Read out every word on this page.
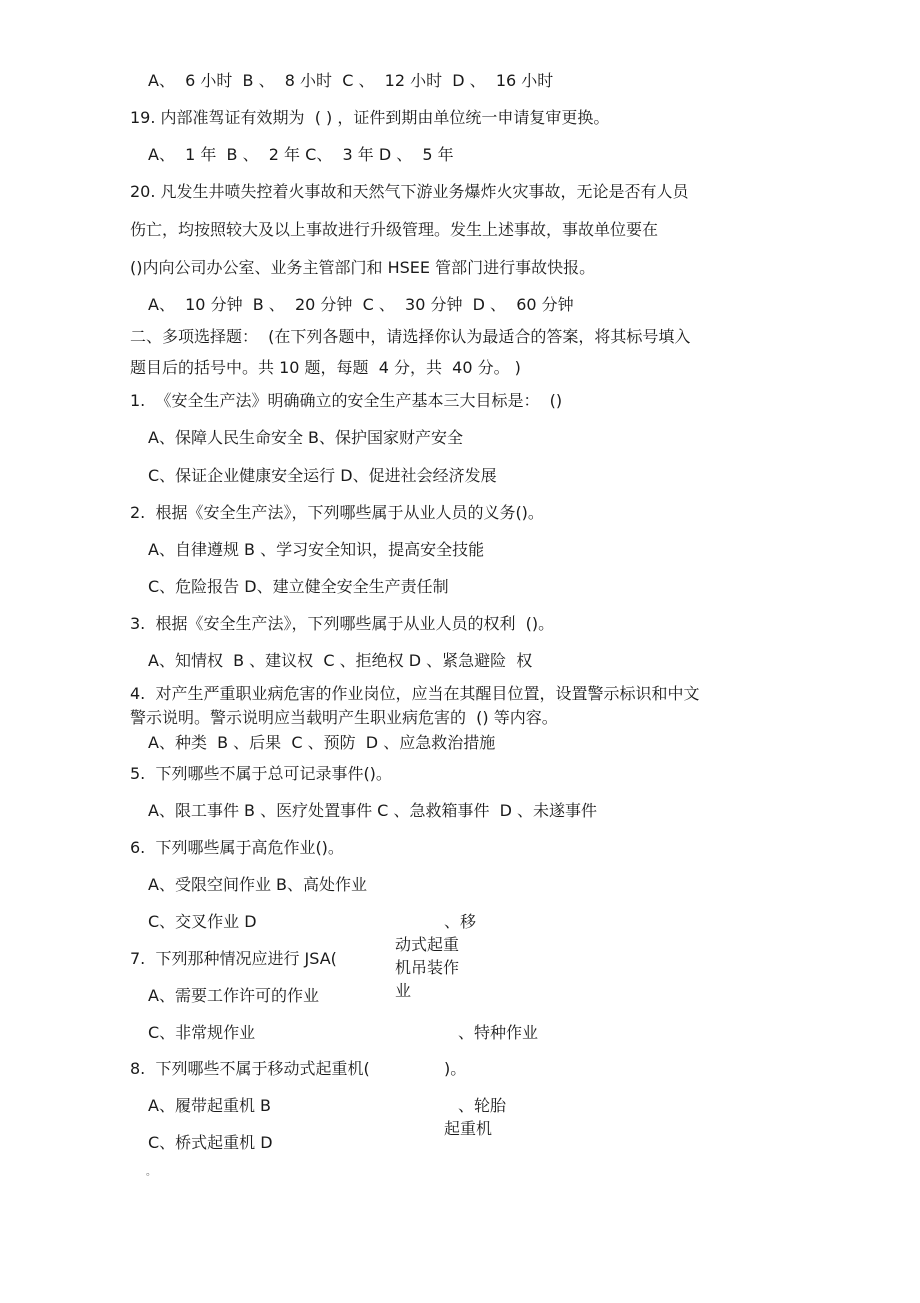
A、  6 小时  B 、  8 小时  C 、  12 小时  D 、  16 小时
19. 内部准驾证有效期为  ( ) ，证件到期由单位统一申请复审更换。
A、  1 年  B 、  2 年 C、  3 年 D 、  5 年
20. 凡发生井喷失控着火事故和天然气下游业务爆炸火灾事故，无论是否有人员
伤亡，均按照较大及以上事故进行升级管理。发生上述事故，事故单位要在
()内向公司办公室、业务主管部门和 HSEE 管部门进行事故快报。
A、  10 分钟  B 、  20 分钟  C 、  30 分钟  D 、  60 分钟
二、多项选择题：  (在下列各题中，请选择你认为最适合的答案，将其标号填入
题目后的括号中。共 10 题，每题  4 分，共  40 分。 )
1.  《安全生产法》明确确立的安全生产基本三大目标是：  ()
A、保障人民生命安全 B、保护国家财产安全
C、保证企业健康安全运行 D、促进社会经济发展
2.  根据《安全生产法》，下列哪些属于从业人员的义务()。
A、自律遵规 B 、学习安全知识，提高安全技能
C、危险报告 D、建立健全安全生产责任制
3.  根据《安全生产法》，下列哪些属于从业人员的权利  ()。
A、知情权  B 、建议权  C 、拒绝权 D 、紧急避险  权
4.  对产生严重职业病危害的作业岗位，应当在其醒目位置，设置警示标识和中文
警示说明。警示说明应当载明产生职业病危害的  () 等内容。
A、种类  B 、后果  C 、预防  D 、应急救治措施
5.  下列哪些不属于总可记录事件()。
A、限工事件 B 、医疗处置事件 C 、急救箱事件  D 、未遂事件
6.  下列哪些属于高危作业()。
A、受限空间作业 B、高处作业
C、交叉作业 D	、移
动式起重
机吊装作
业
7.  下列那种情况应进行 JSA(
A、需要工作许可的作业
C、非常规作业	、特种作业
8.  下列哪些不属于移动式起重机(	)。
A、履带起重机 B	、轮胎
起重机
C、桥式起重机 D
。
